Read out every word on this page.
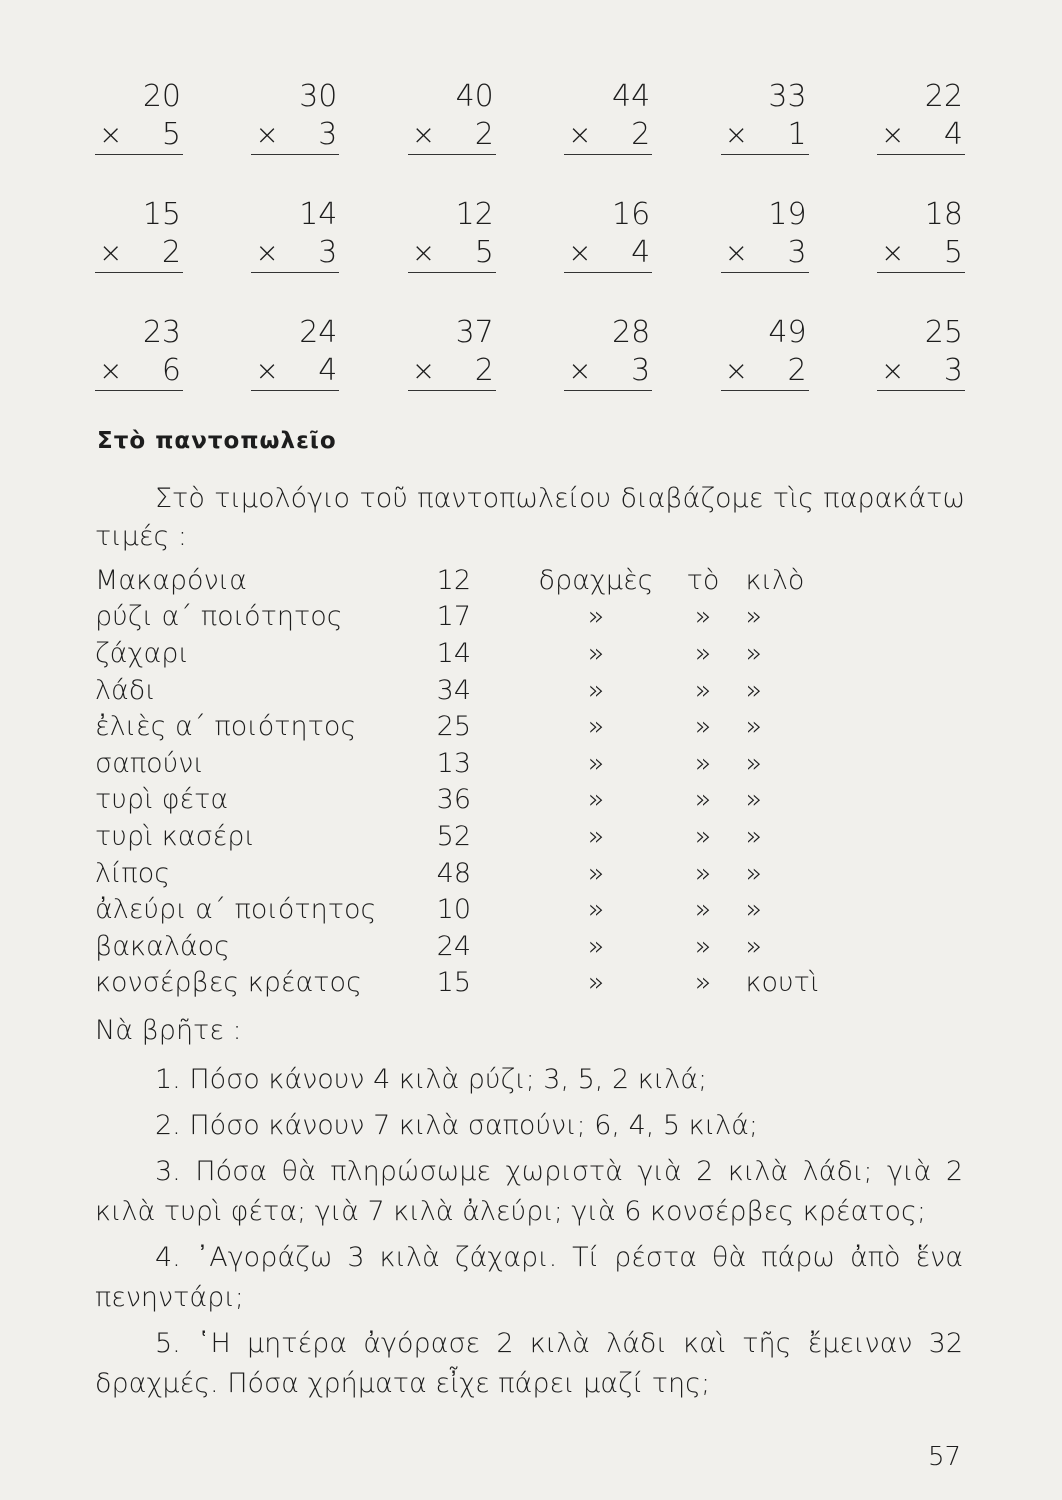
20
× 5
30
× 3
40
× 2
44
× 2
33
× 1
22
× 4
15
× 2
14
× 3
12
× 5
16
× 4
19
× 3
18
× 5
23
× 6
24
× 4
37
× 2
28
× 3
49
× 2
25
× 3
Στὸ παντοπωλεῖο
Στὸ τιμολόγιο τοῦ παντοπωλείου διαβάζομε τὶς παρακάτω τιμές :
Μακαρόνια	12	δραχμὲς	τὸ κιλὸ
ρύζι α΄ ποιότητος	17	»	»	»
ζάχαρι	14	»	»	»
λάδι	34	»	»	»
ἐλιὲς α΄ ποιότητος	25	»	»	»
σαπούνι	13	»	»	»
τυρὶ φέτα	36	»	»	»
τυρὶ κασέρι	52	»	»	»
λίπος	48	»	»	»
ἀλεύρι α΄ ποιότητος	10	»	»	»
βακαλάος	24	»	»	»
κονσέρβες κρέατος	15	»	»	κουτὶ
Νὰ βρῆτε :

1. Πόσο κάνουν 4 κιλὰ ρύζι; 3, 5, 2 κιλά;

2. Πόσο κάνουν 7 κιλὰ σαπούνι; 6, 4, 5 κιλά;

3. Πόσα θὰ πληρώσωμε χωριστὰ γιὰ 2 κιλὰ λάδι; γιὰ 2 κιλὰ τυρὶ φέτα; γιὰ 7 κιλὰ ἀλεύρι; γιὰ 6 κονσέρβες κρέατος;

4. ᾽Αγοράζω 3 κιλὰ ζάχαρι. Τί ρέστα θὰ πάρω ἀπὸ ἕνα πενηντάρι;

5. ῾Η μητέρα ἀγόρασε 2 κιλὰ λάδι καὶ τῆς ἔμειναν 32 δραχμές. Πόσα χρήματα εἶχε πάρει μαζί της;

57
